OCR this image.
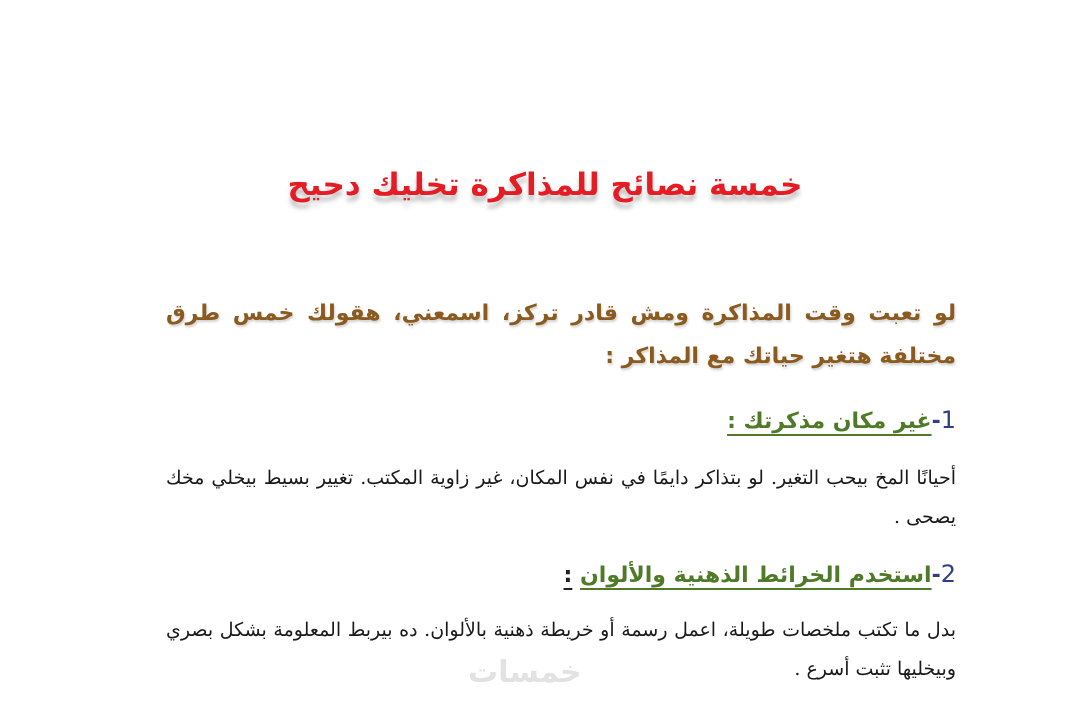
خمسة نصائح للمذاكرة تخليك دحيح
لو تعبت وقت المذاكرة ومش قادر تركز، اسمعني، هقولك خمس طرق مختلفة هتغير حياتك مع المذاكر :
1-غير مكان مذكرتك :
أحيانًا المخ بيحب التغير. لو بتذاكر دايمًا في نفس المكان، غير زاوية المكتب. تغيير بسيط بيخلي مخك يصحى .
2-استخدم الخرائط الذهنية والألوان :
بدل ما تكتب ملخصات طويلة، اعمل رسمة أو خريطة ذهنية بالألوان. ده بيربط المعلومة بشكل بصري وبيخليها تثبت أسرع .
خمسات
